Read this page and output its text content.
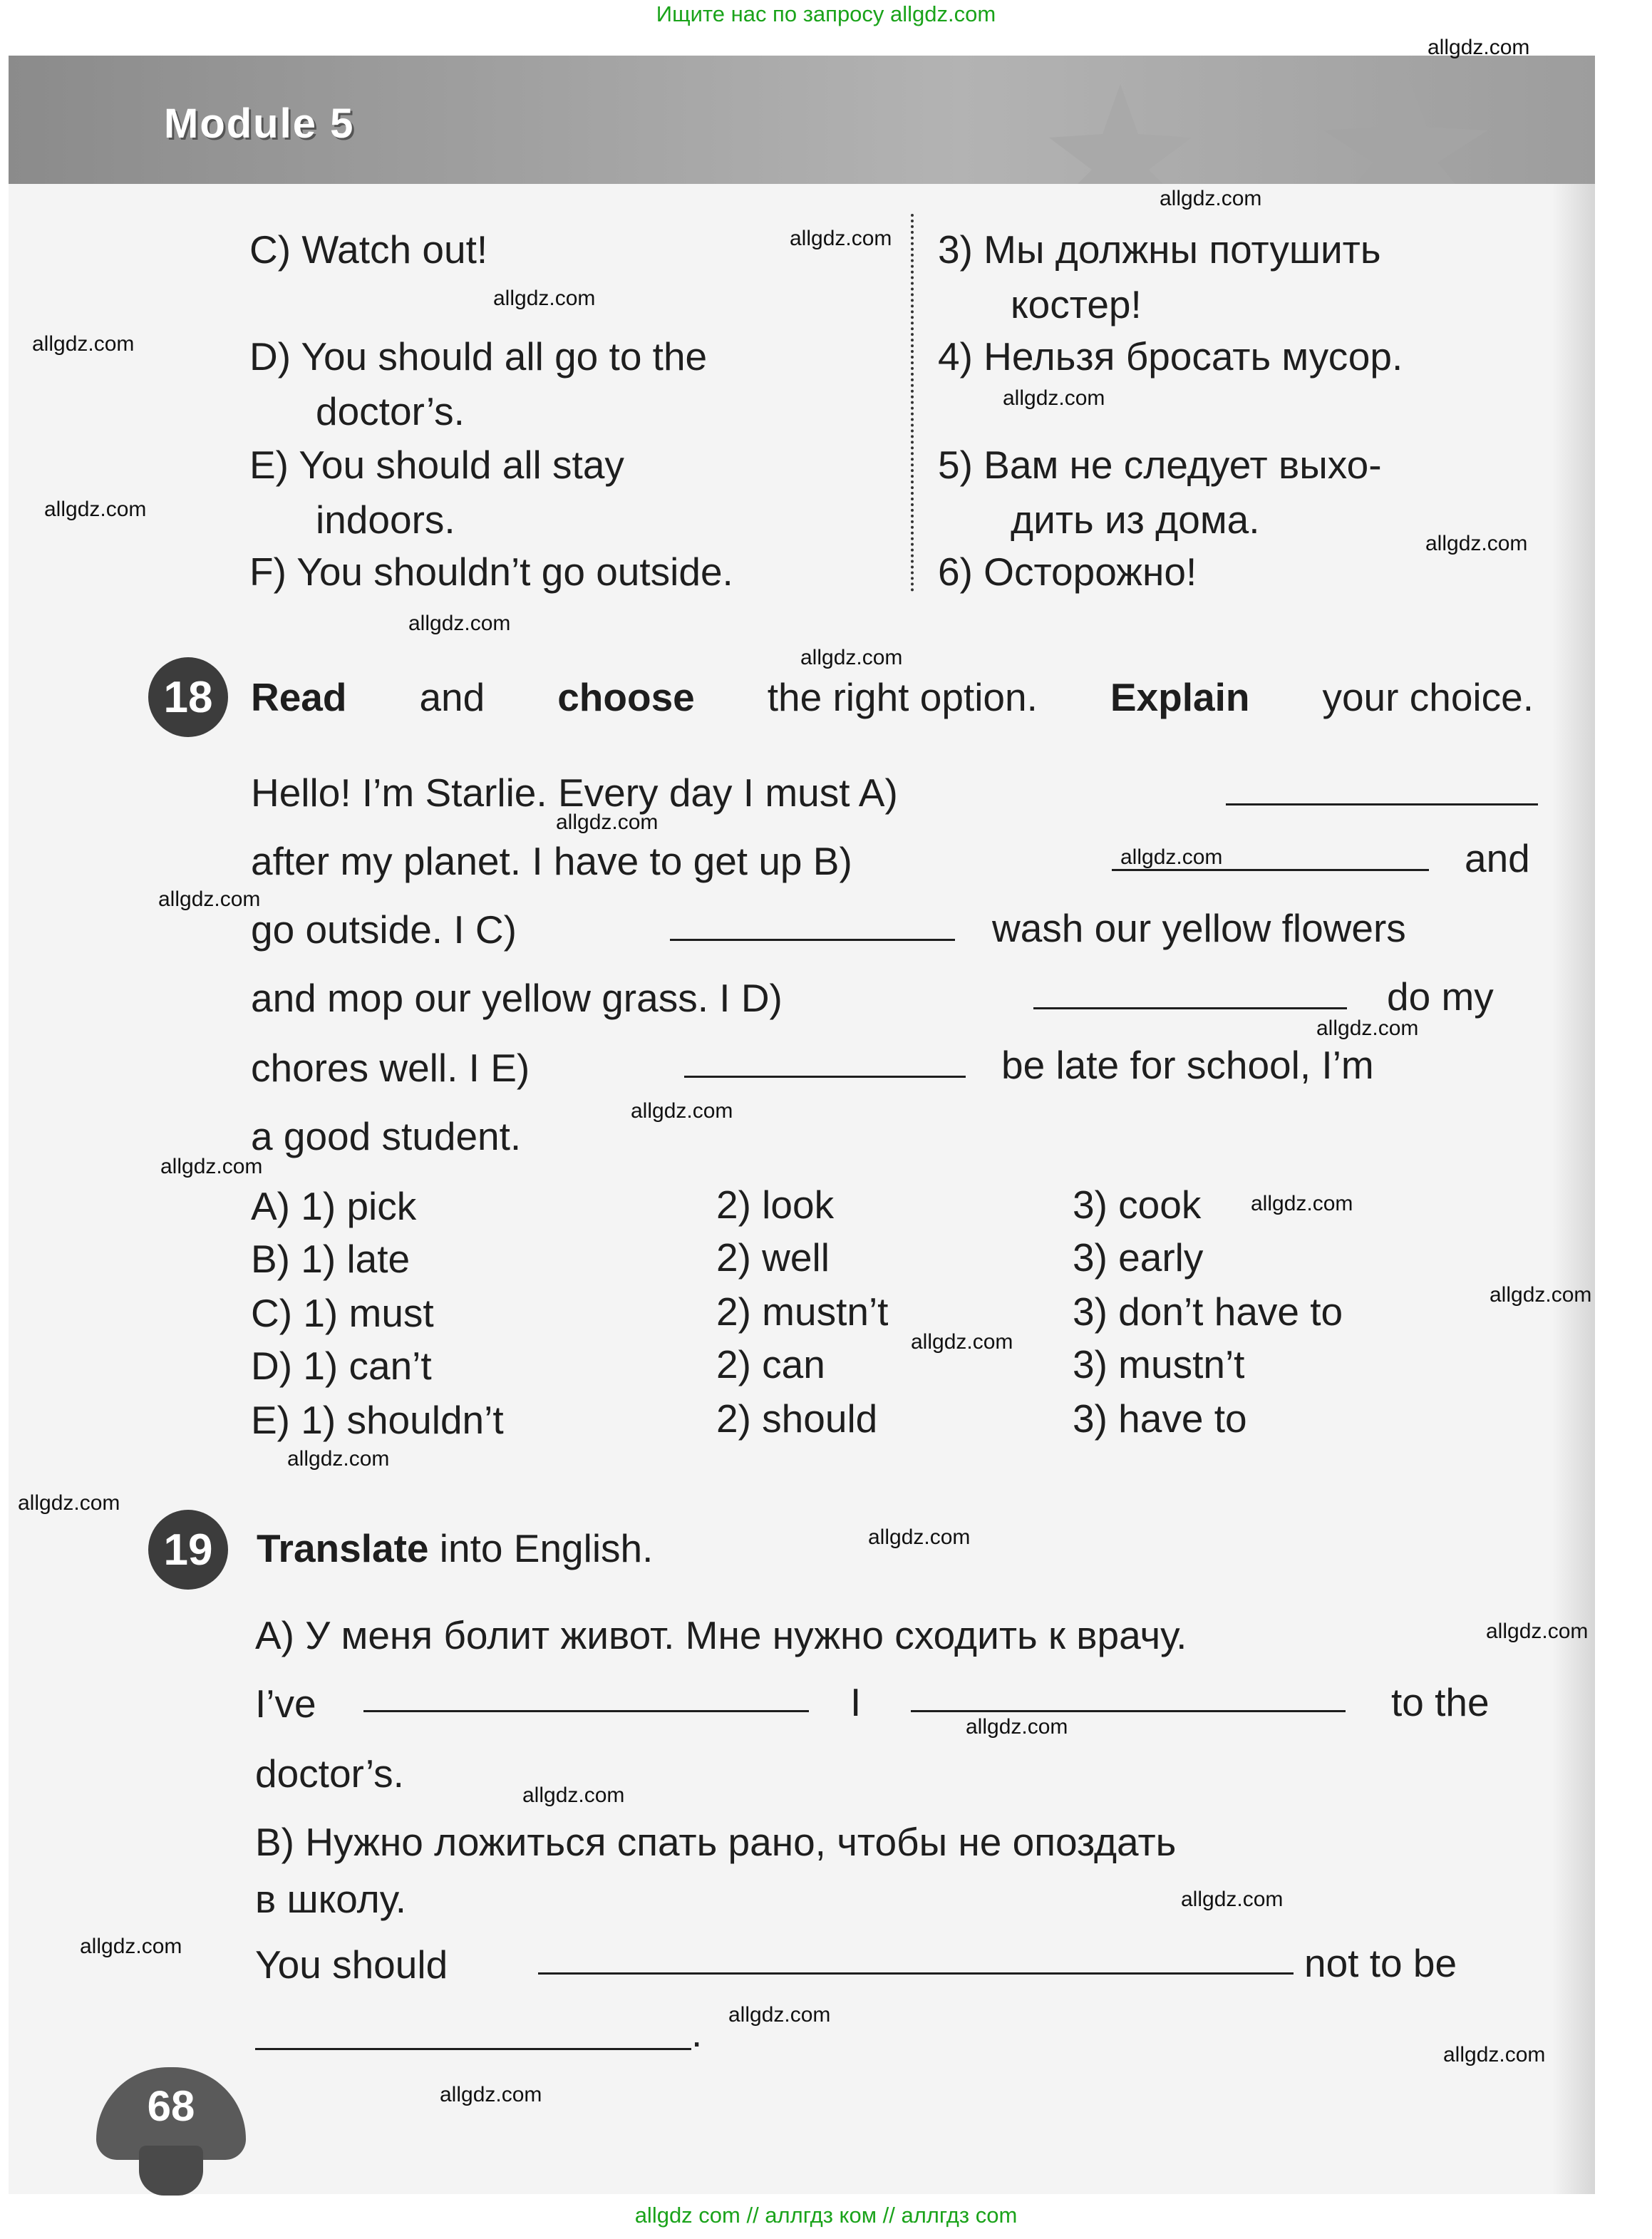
Ищите нас по запросу allgdz.com
Module 5
C) Watch out!
D) You should all go to the
doctor’s.
E) You should all stay
indoors.
F) You shouldn’t go outside.
3) Мы должны потушить
костер!
4) Нельзя бросать мусор.
5) Вам не следует выхо-
дить из дома.
6) Осторожно!
18 Read and choose the right option. Explain your choice.
Hello! I’m Starlie. Every day I must A)
after my planet. I have to get up B)	and
go outside. I C)	wash our yellow flowers
and mop our yellow grass. I D)	do my
chores well. I E)	be late for school, I’m
a good student.
A) 1) pick	2) look	3) cook
B) 1) late	2) well	3) early
C) 1) must	2) mustn’t	3) don’t have to
D) 1) can’t	2) can	3) mustn’t
E) 1) shouldn’t	2) should	3) have to
19	Translate into English.
A) У меня болит живот. Мне нужно сходить к врачу.
I’ve	I	to the
doctor’s.
B) Нужно ложиться спать рано, чтобы не опоздать
в школу.
You should	not to be
.
68
allgdz.com
allgdz.com
allgdz.com
allgdz.com
allgdz.com
allgdz.com
allgdz.com
allgdz.com
allgdz.com
allgdz.com
allgdz.com
allgdz.com
allgdz.com
allgdz.com
allgdz.com
allgdz.com
allgdz.com
allgdz.com
allgdz.com
allgdz.com
allgdz.com
allgdz.com
allgdz.com
allgdz.com
allgdz.com
allgdz.com
allgdz.com
allgdz.com
allgdz.com
allgdz.com
allgdz com // аллгдз ком // аллгдз com
